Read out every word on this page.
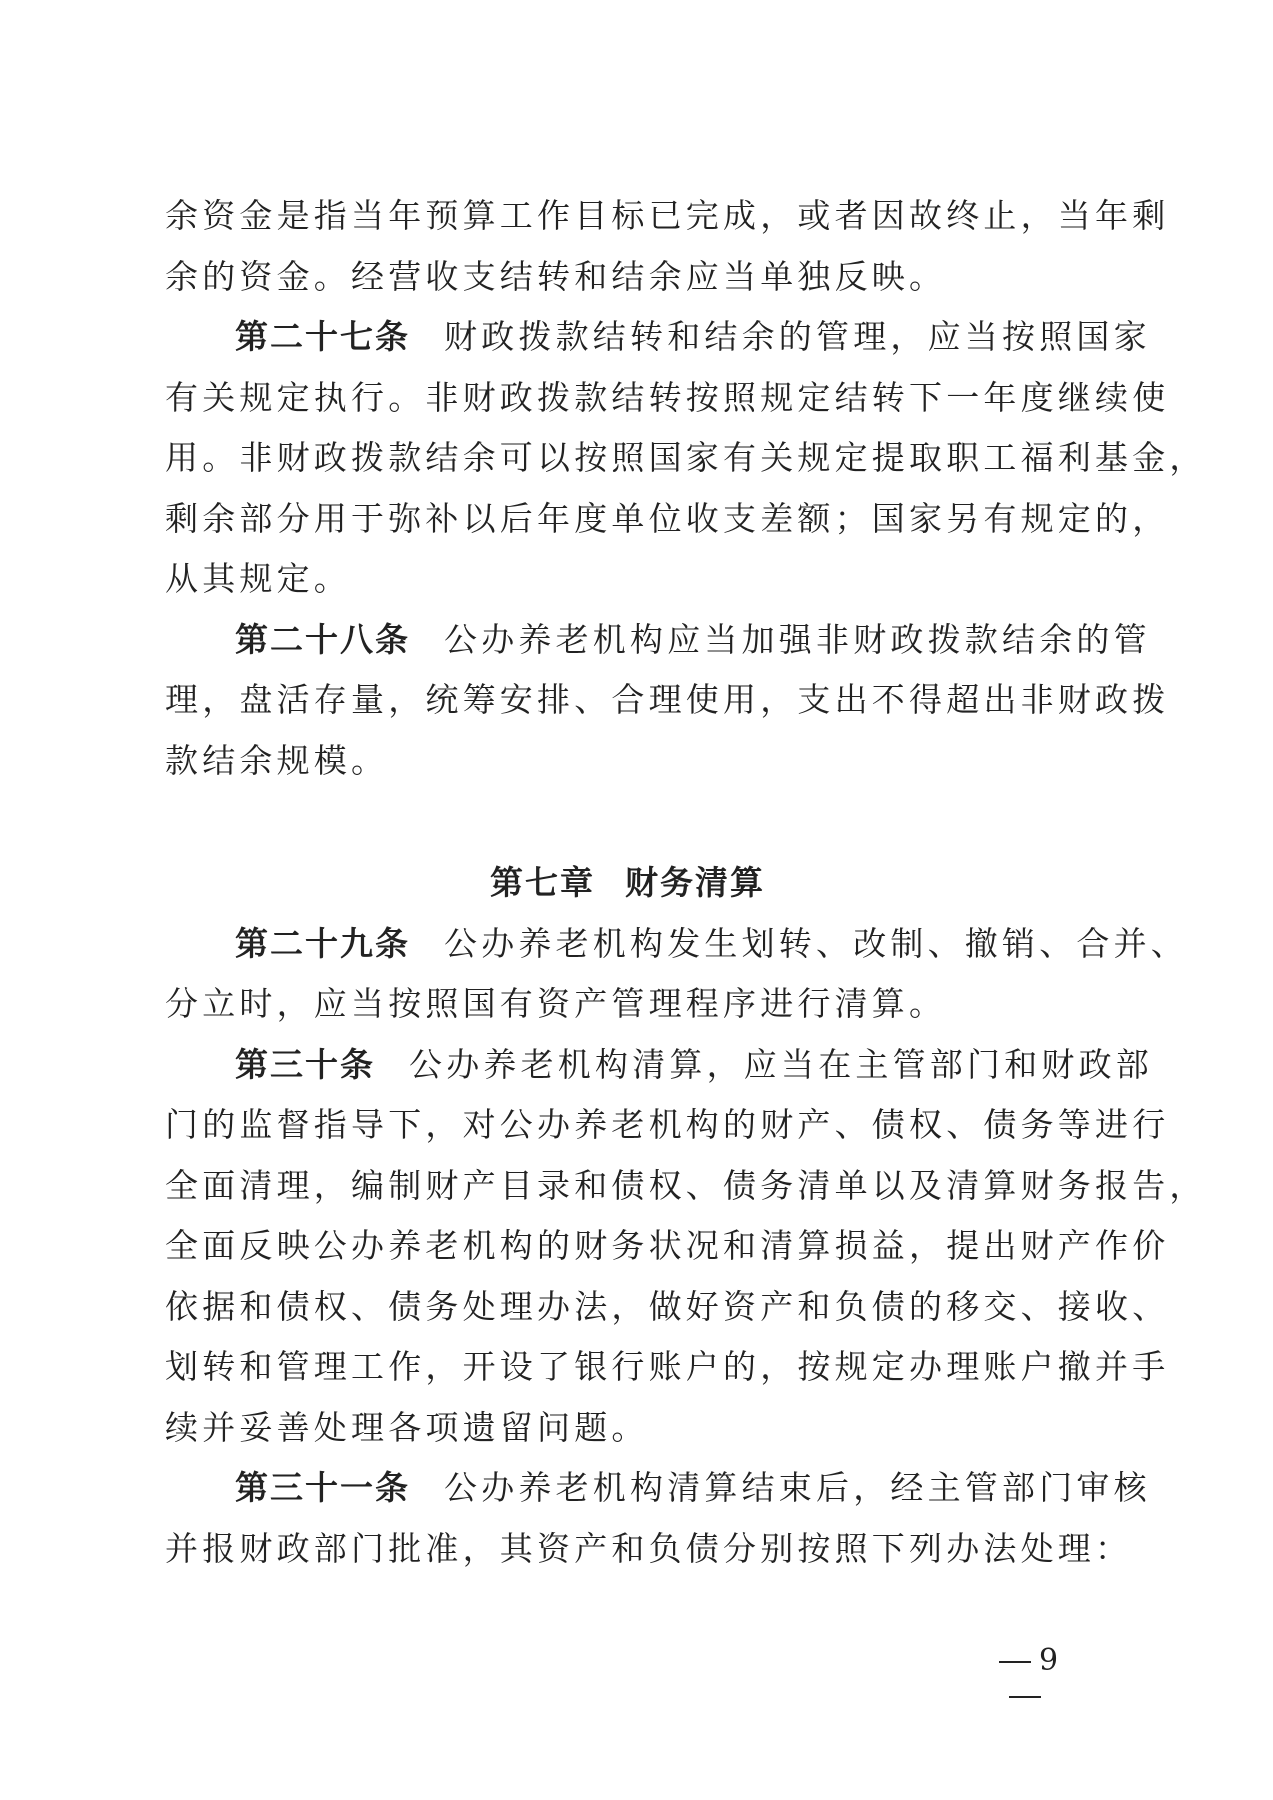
余资金是指当年预算工作目标已完成，或者因故终止，当年剩
余的资金。经营收支结转和结余应当单独反映。
第二十七条 财政拨款结转和结余的管理，应当按照国家
有关规定执行。非财政拨款结转按照规定结转下一年度继续使
用。非财政拨款结余可以按照国家有关规定提取职工福利基金，
剩余部分用于弥补以后年度单位收支差额；国家另有规定的，
从其规定。
第二十八条 公办养老机构应当加强非财政拨款结余的管
理，盘活存量，统筹安排、合理使用，支出不得超出非财政拨
款结余规模。
第七章 财务清算
第二十九条 公办养老机构发生划转、改制、撤销、合并、
分立时，应当按照国有资产管理程序进行清算。
第三十条 公办养老机构清算，应当在主管部门和财政部
门的监督指导下，对公办养老机构的财产、债权、债务等进行
全面清理，编制财产目录和债权、债务清单以及清算财务报告，
全面反映公办养老机构的财务状况和清算损益，提出财产作价
依据和债权、债务处理办法，做好资产和负债的移交、接收、
划转和管理工作，开设了银行账户的，按规定办理账户撤并手
续并妥善处理各项遗留问题。
第三十一条 公办养老机构清算结束后，经主管部门审核
并报财政部门批准，其资产和负债分别按照下列办法处理：
9
